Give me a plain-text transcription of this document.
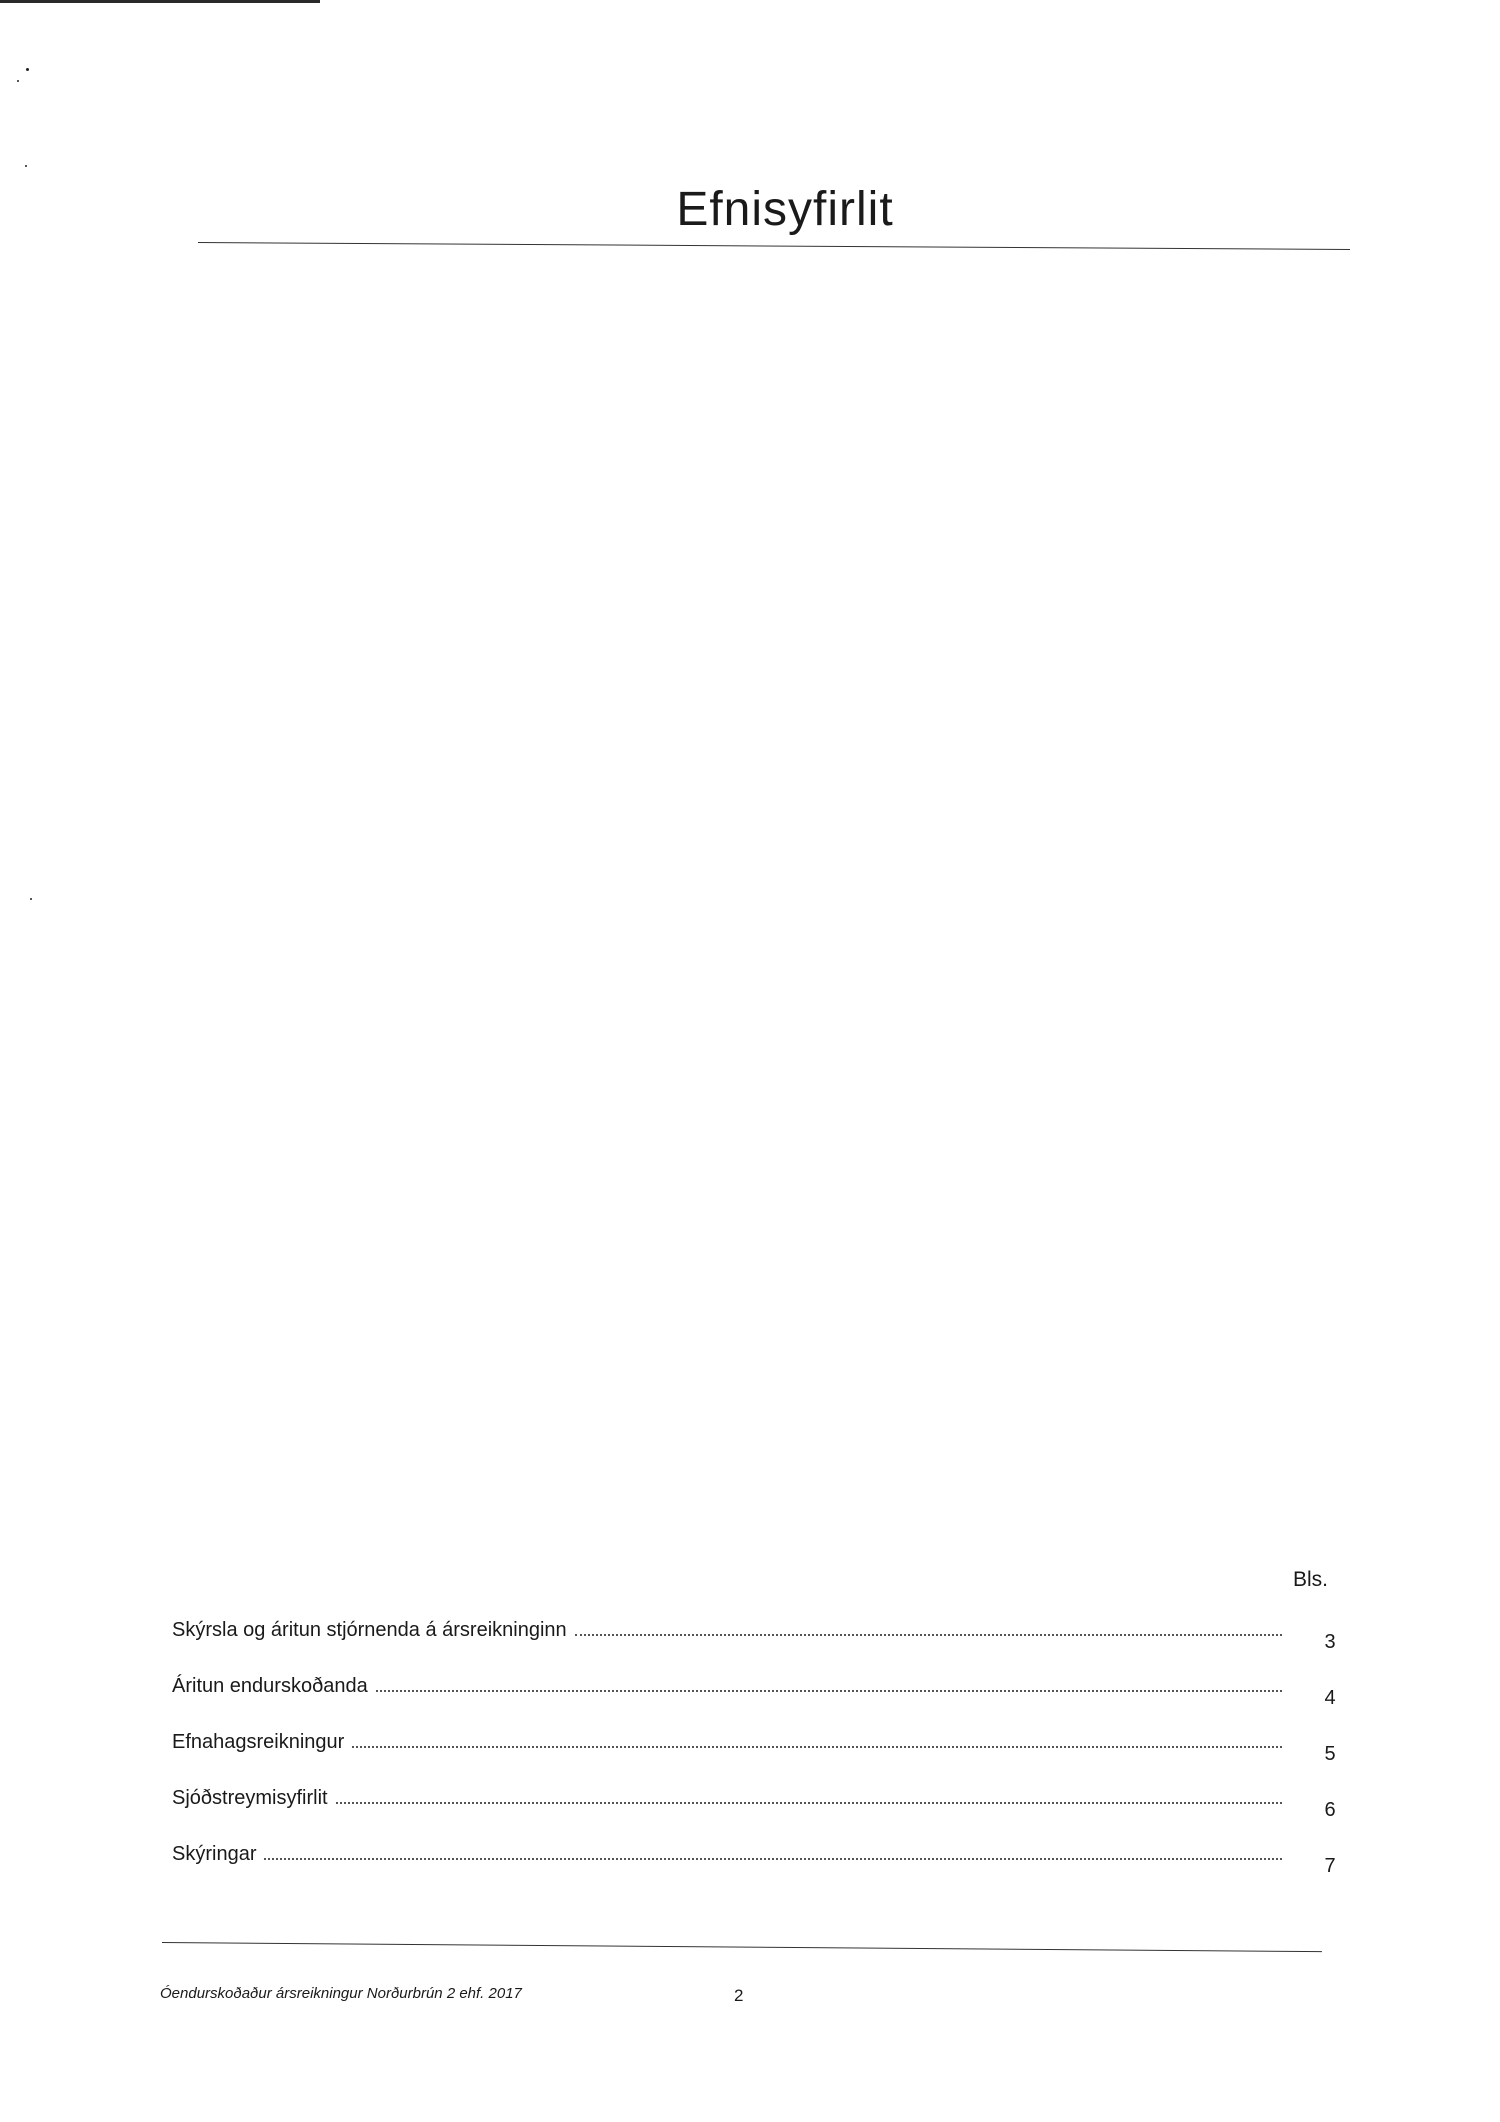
Efnisyfirlit
Bls.
Skýrsla og áritun stjórnenda á ársreikninginn
3
Áritun endurskoðanda
4
Efnahagsreikningur
5
Sjóðstreymisyfirlit
6
Skýringar
7
Óendurskoðaður ársreikningur Norðurbrún 2 ehf. 2017	2
